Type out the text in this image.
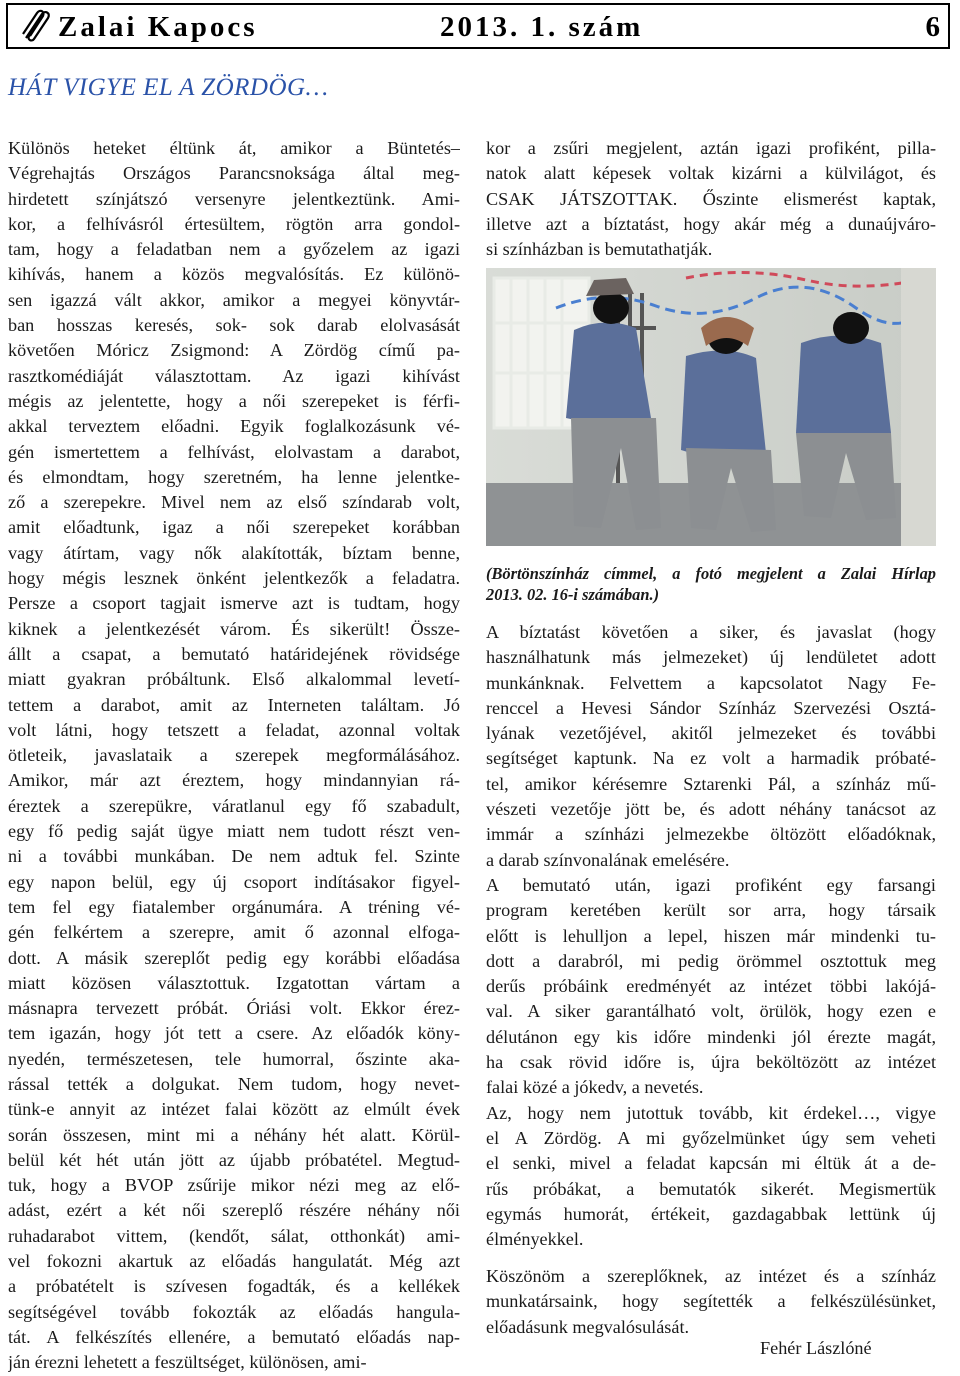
Zalai Kapocs	2013. 1. szám	6
HÁT VIGYE EL A ZÖRDÖG…
Különös heteket éltünk át, amikor a Büntetés–
Végrehajtás Országos Parancsnoksága által meg-
hirdetett színjátszó versenyre jelentkeztünk. Ami-
kor, a felhívásról értesültem, rögtön arra gondol-
tam, hogy a feladatban nem a győzelem az igazi
kihívás, hanem a közös megvalósítás. Ez különö-
sen igazzá vált akkor, amikor a megyei könyvtár-
ban hosszas keresés, sok- sok darab elolvasását
követően Móricz Zsigmond: A Zördög című pa-
rasztkomédiáját választottam. Az igazi kihívást
mégis az jelentette, hogy a női szerepeket is férfi-
akkal terveztem előadni. Egyik foglalkozásunk vé-
gén ismertettem a felhívást, elolvastam a darabot,
és elmondtam, hogy szeretném, ha lenne jelentke-
ző a szerepekre. Mivel nem az első színdarab volt,
amit előadtunk, igaz a női szerepeket korábban
vagy átírtam, vagy nők alakították, bíztam benne,
hogy mégis lesznek önként jelentkezők a feladatra.
Persze a csoport tagjait ismerve azt is tudtam, hogy
kiknek a jelentkezését várom. És sikerült! Össze-
állt a csapat, a bemutató határidejének rövidsége
miatt gyakran próbáltunk. Első alkalommal levetí-
tettem a darabot, amit az Interneten találtam. Jó
volt látni, hogy tetszett a feladat, azonnal voltak
ötleteik, javaslataik a szerepek megformálásához.
Amikor, már azt éreztem, hogy mindannyian rá-
éreztek a szerepükre, váratlanul egy fő szabadult,
egy fő pedig saját ügye miatt nem tudott részt ven-
ni a további munkában. De nem adtuk fel. Szinte
egy napon belül, egy új csoport indításakor figyel-
tem fel egy fiatalember orgánumára. A tréning vé-
gén felkértem a szerepre, amit ő azonnal elfoga-
dott. A másik szereplőt pedig egy korábbi előadása
miatt közösen választottuk. Izgatottan vártam a
másnapra tervezett próbát. Óriási volt. Ekkor érez-
tem igazán, hogy jót tett a csere. Az előadók köny-
nyedén, természetesen, tele humorral, őszinte aka-
rással tették a dolgukat. Nem tudom, hogy nevet-
tünk-e annyit az intézet falai között az elmúlt évek
során összesen, mint mi a néhány hét alatt. Körül-
belül két hét után jött az újabb próbatétel. Megtud-
tuk, hogy a BVOP zsűrije mikor nézi meg az elő-
adást, ezért a két női szereplő részére néhány női
ruhadarabot vittem, (kendőt, sálat, otthonkát) ami-
vel fokozni akartuk az előadás hangulatát. Még azt
a próbatételt is szívesen fogadták, és a kellékek
segítségével tovább fokozták az előadás hangula-
tát. A felkészítés ellenére, a bemutató előadás nap-
ján érezni lehetett a feszültséget, különösen, ami-
kor a zsűri megjelent, aztán igazi profiként, pilla-
natok alatt képesek voltak kizárni a külvilágot, és
CSAK JÁTSZOTTAK. Őszinte elismerést kaptak,
illetve azt a bíztatást, hogy akár még a dunaújváro-
si színházban is bemutathatják.
(Börtönszínház címmel, a fotó megjelent a Zalai Hírlap
2013. 02. 16-i számában.)
A bíztatást követően a siker, és javaslat (hogy
használhatunk más jelmezeket) új lendületet adott
munkánknak. Felvettem a kapcsolatot Nagy Fe-
renccel a Hevesi Sándor Színház Szervezési Osztá-
lyának vezetőjével, akitől jelmezeket és további
segítséget kaptunk. Na ez volt a harmadik próbaté-
tel, amikor kérésemre Sztarenki Pál, a színház mű-
vészeti vezetője jött be, és adott néhány tanácsot az
immár a színházi jelmezekbe öltözött előadóknak,
a darab színvonalának emelésére.
A bemutató után, igazi profiként egy farsangi
program keretében került sor arra, hogy társaik
előtt is lehulljon a lepel, hiszen már mindenki tu-
dott a darabról, mi pedig örömmel osztottuk meg
derűs próbáink eredményét az intézet többi lakójá-
val. A siker garantálható volt, örülök, hogy ezen e
délutánon egy kis időre mindenki jól érezte magát,
ha csak rövid időre is, újra beköltözött az intézet
falai közé a jókedv, a nevetés.
Az, hogy nem jutottuk tovább, kit érdekel…, vigye
el A Zördög. A mi győzelmünket úgy sem veheti
el senki, mivel a feladat kapcsán mi éltük át a de-
rűs próbákat, a bemutatók sikerét. Megismertük
egymás humorát, értékeit, gazdagabbak lettünk új
élményekkel.
Köszönöm a szereplőknek, az intézet és a színház
munkatársaink, hogy segítették a felkészülésünket,
előadásunk megvalósulását.
Fehér Lászlóné
